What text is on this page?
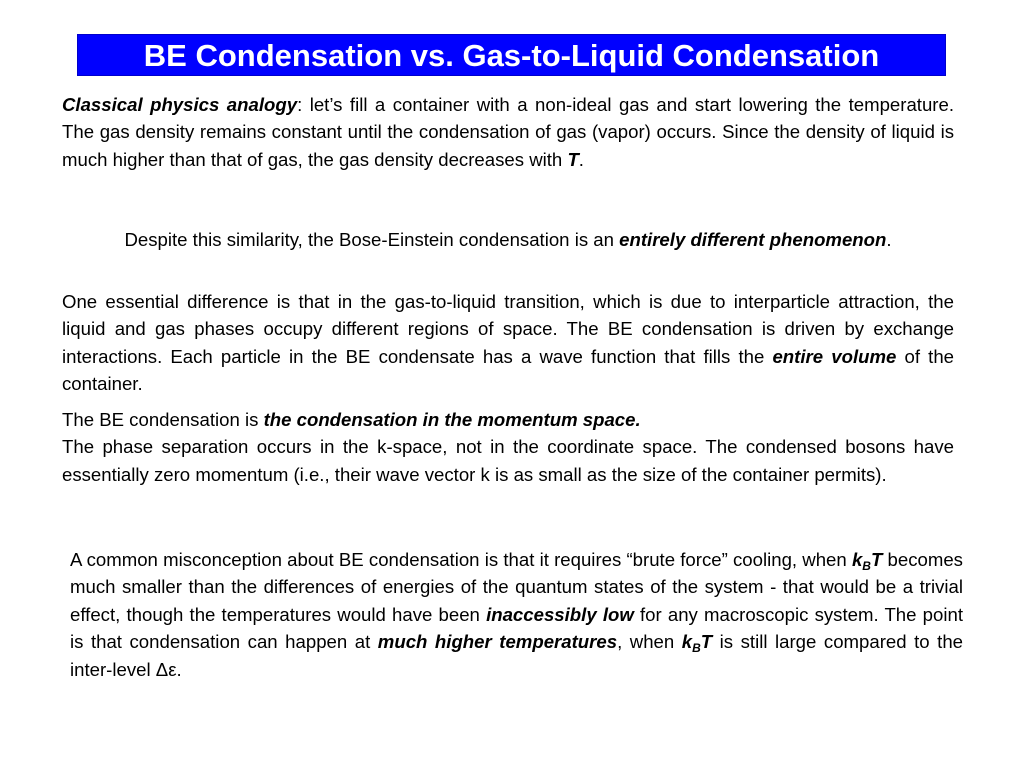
BE Condensation vs. Gas-to-Liquid Condensation

Classical physics analogy: let’s fill a container with a non-ideal gas and start lowering the temperature. The gas density remains constant until the condensation of gas (vapor) occurs. Since the density of liquid is much higher than that of gas, the gas density decreases with T.

Despite this similarity, the Bose-Einstein condensation is an entirely different phenomenon.

One essential difference is that in the gas-to-liquid transition, which is due to interparticle attraction, the liquid and gas phases occupy different regions of space. The BE condensation is driven by exchange interactions. Each particle in the BE condensate has a wave function that fills the entire volume of the container.

The BE condensation is the condensation in the momentum space.
The phase separation occurs in the k-space, not in the coordinate space. The condensed bosons have essentially zero momentum (i.e., their wave vector k is as small as the size of the container permits).

A common misconception about BE condensation is that it requires “brute force” cooling, when $k_BT$ becomes much smaller than the differences of energies of the quantum states of the system - that would be a trivial effect, though the temperatures would have been inaccessibly low for any macroscopic system. The point is that condensation can happen at much higher temperatures, when $k_BT$ is still large compared to the inter-level Δε.
